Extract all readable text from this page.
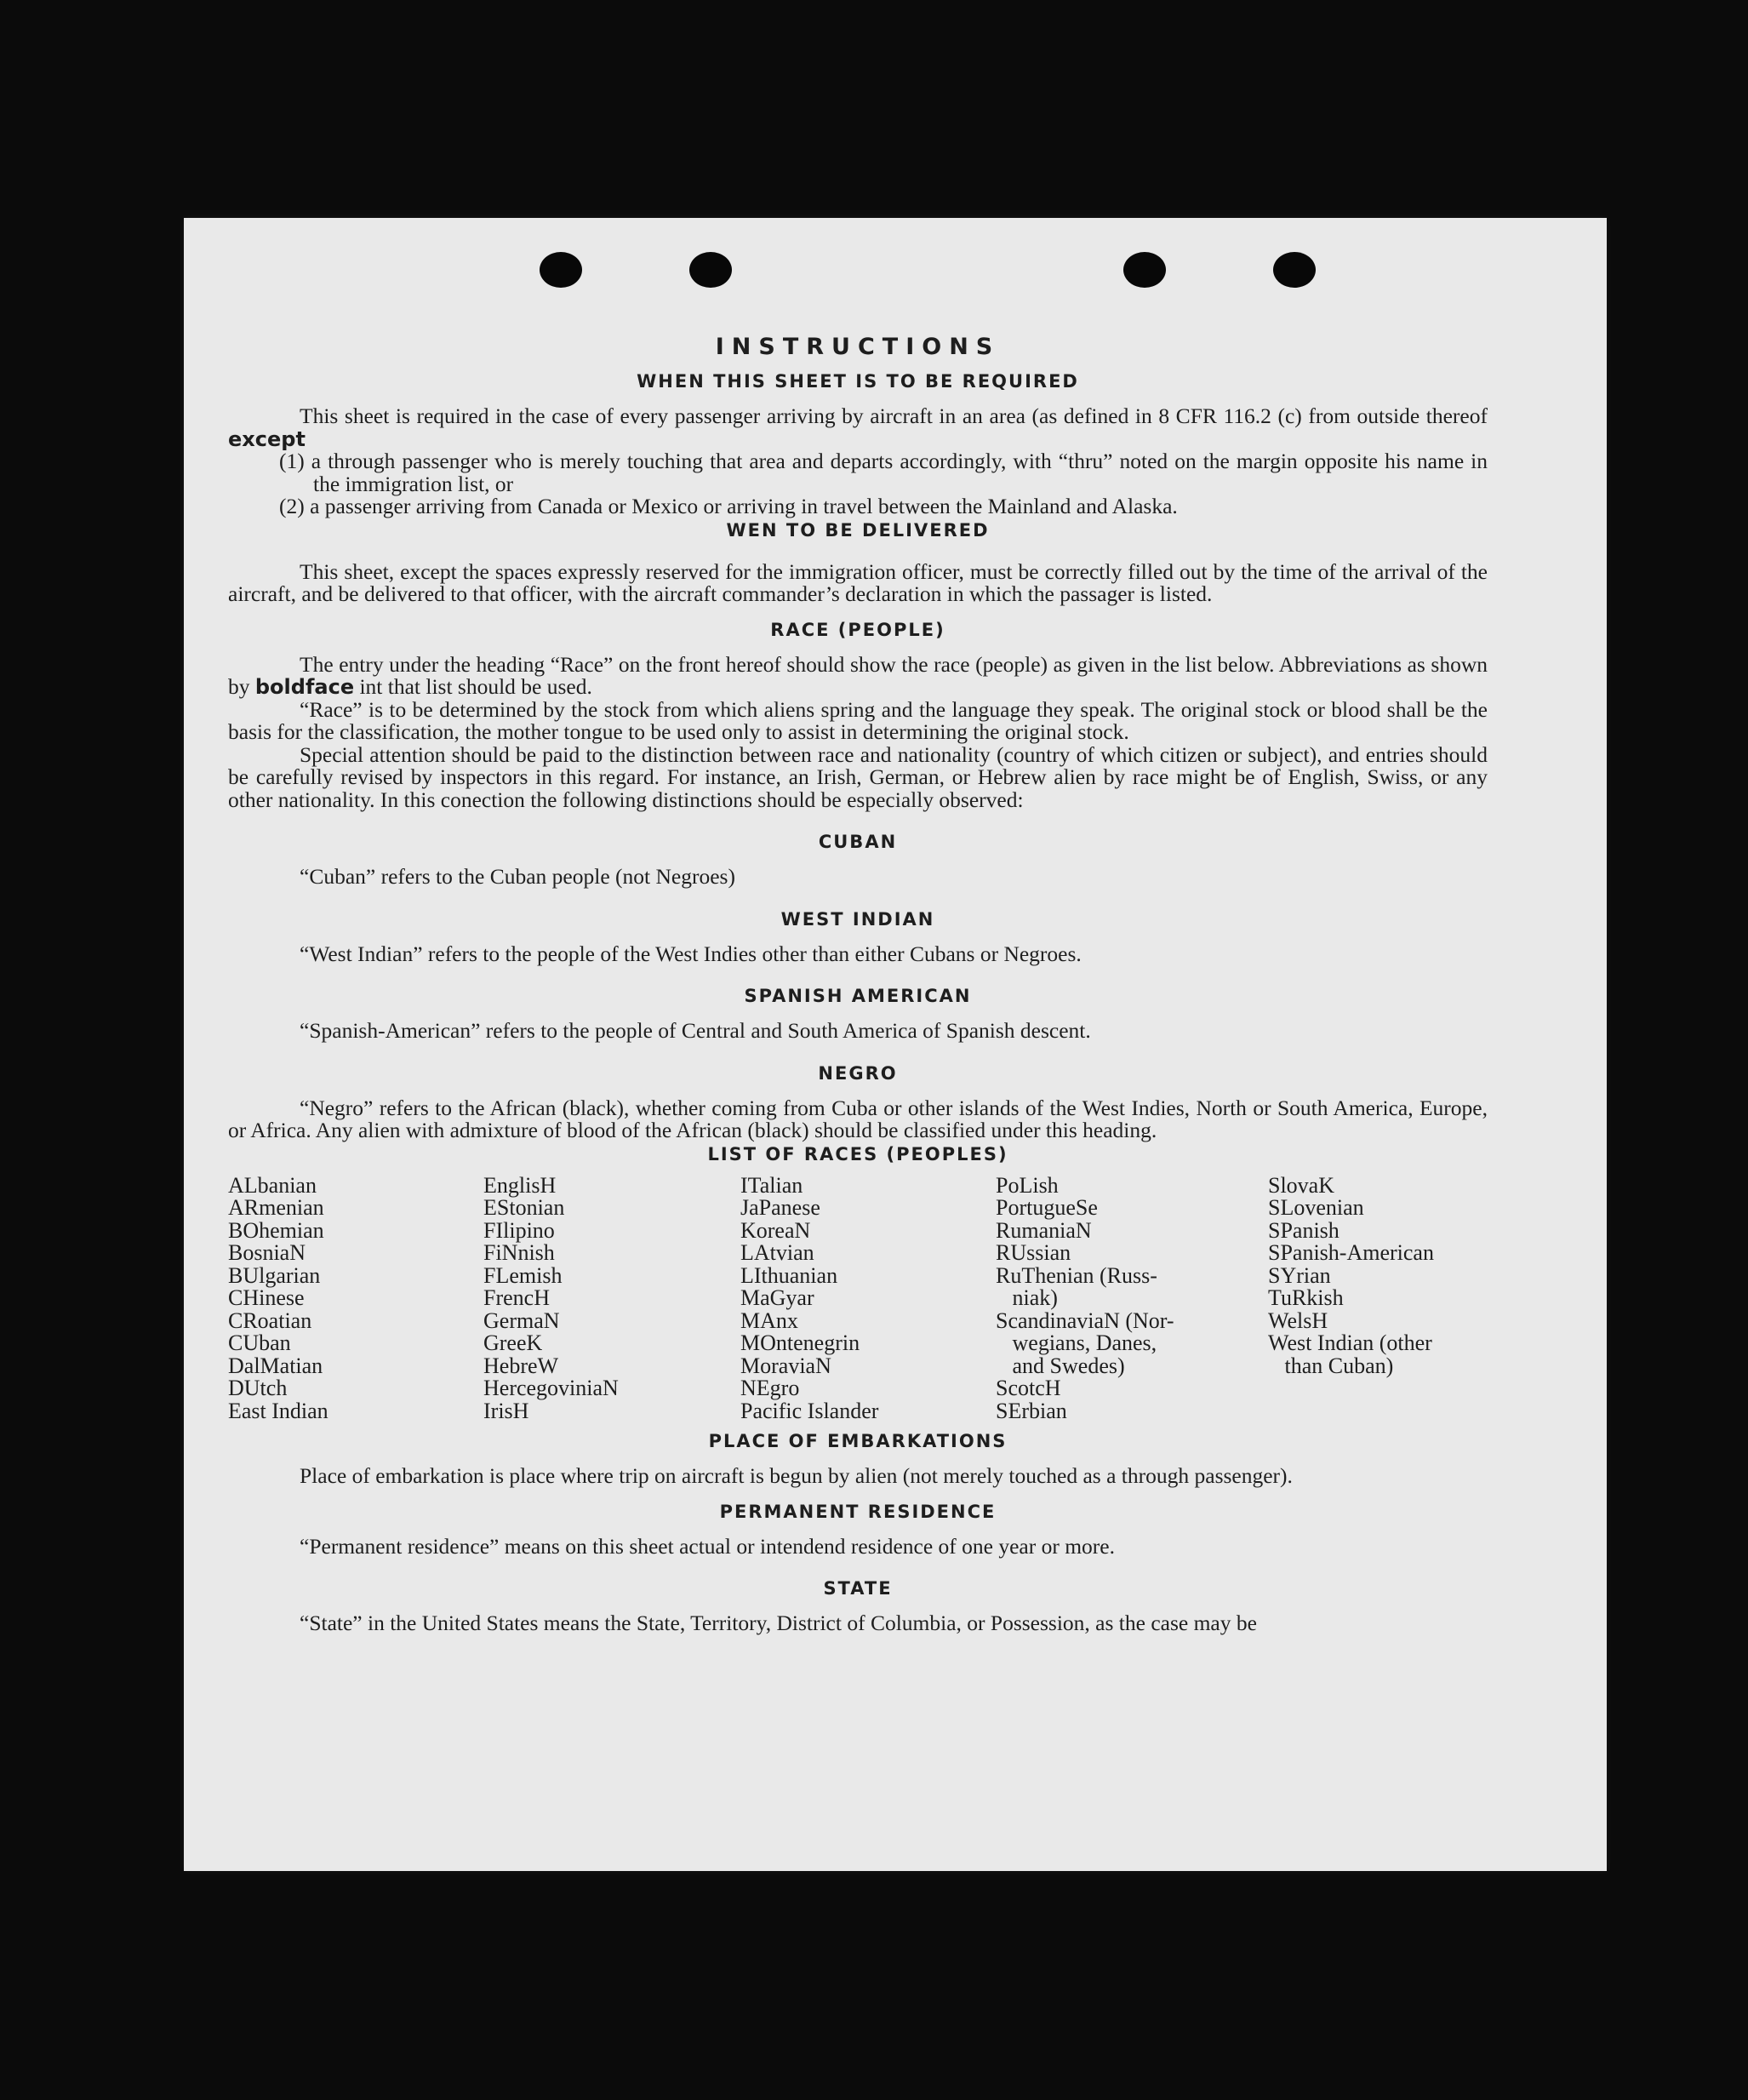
INSTRUCTIONS
WHEN THIS SHEET IS TO BE REQUIRED

This sheet is required in the case of every passenger arriving by aircraft in an area (as defined in 8 CFR 116.2 (c) from outside thereof except

(1) a through passenger who is merely touching that area and departs accordingly, with “thru” noted on the margin opposite his name in the immigration list, or

(2) a passenger arriving from Canada or Mexico or arriving in travel between the Mainland and Alaska.

WEN TO BE DELIVERED

This sheet, except the spaces expressly reserved for the immigration officer, must be correctly filled out by the time of the arrival of the aircraft, and be delivered to that officer, with the aircraft commander’s declaration in which the passager is listed.

RACE (PEOPLE)

The entry under the heading “Race” on the front hereof should show the race (people) as given in the list below. Abbreviations as shown by boldface int that list should be used.

“Race” is to be determined by the stock from which aliens spring and the language they speak. The original stock or blood shall be the basis for the classification, the mother tongue to be used only to assist in determining the original stock.

Special attention should be paid to the distinction between race and nationality (country of which citizen or subject), and entries should be carefully revised by inspectors in this regard. For instance, an Irish, German, or Hebrew alien by race might be of English, Swiss, or any other nationality. In this conection the following distinctions should be especially observed:

CUBAN

“Cuban” refers to the Cuban people (not Negroes)

WEST INDIAN

“West Indian” refers to the people of the West Indies other than either Cubans or Negroes.

SPANISH AMERICAN

“Spanish-American” refers to the people of Central and South America of Spanish descent.

NEGRO

“Negro” refers to the African (black), whether coming from Cuba or other islands of the West Indies, North or South America, Europe, or Africa. Any alien with admixture of blood of the African (black) should be classified under this heading.

LIST OF RACES (PEOPLES)
ALbanian
ARmenian
BOhemian
BosniaN
BUlgarian
CHinese
CRoatian
CUban
DalMatian
DUtch
East Indian
EnglisH
EStonian
FIlipino
FiNnish
FLemish
FrencH
GermaN
GreeK
HebreW
HercegoviniaN
IrisH
ITalian
JaPanese
KoreaN
LAtvian
LIthuanian
MaGyar
MAnx
MOntenegrin
MoraviaN
NEgro
Pacific Islander
PoLish
PortugueSe
RumaniaN
RUssian
RuThenian (Russ-
niak)
ScandinaviaN (Nor-
wegians, Danes,
and Swedes)
ScotcH
SErbian
SlovaK
SLovenian
SPanish
SPanish-American
SYrian
TuRkish
WelsH
West Indian (other
than Cuban)
PLACE OF EMBARKATIONS

Place of embarkation is place where trip on aircraft is begun by alien (not merely touched as a through passenger).

PERMANENT RESIDENCE

“Permanent residence” means on this sheet actual or intendend residence of one year or more.

STATE

“State” in the United States means the State, Territory, District of Columbia, or Possession, as the case may be
